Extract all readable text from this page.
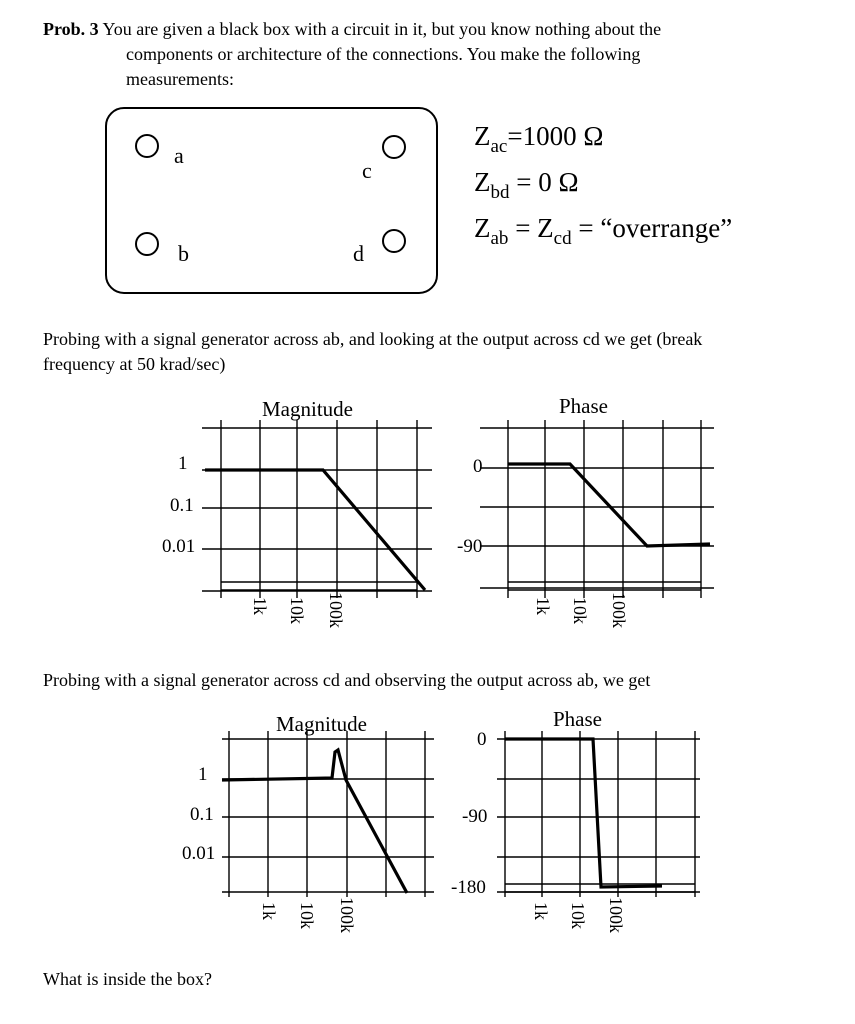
Prob. 3 You are given a black box with a circuit in it, but you know nothing about the
components or architecture of the connections. You make the following
measurements:
a
c
b	d
$Z_{ac}=1000$ Ω
$Z_{bd} = 0$ Ω
$Z_{ab} = Z_{cd}$ = “overrange”
Probing with a signal generator across ab, and looking at the output across cd we get (break
frequency at 50 krad/sec)
Magnitude	Phase
1
0.1
0.01
0
-90
1k 10k 100k	1k 10k 100k
Probing with a signal generator across cd and observing the output across ab, we get
Magnitude	Phase
1
0.1
0.01
0
-90
-180
1k 10k 100k	1k 10k 100k
What is inside the box?
